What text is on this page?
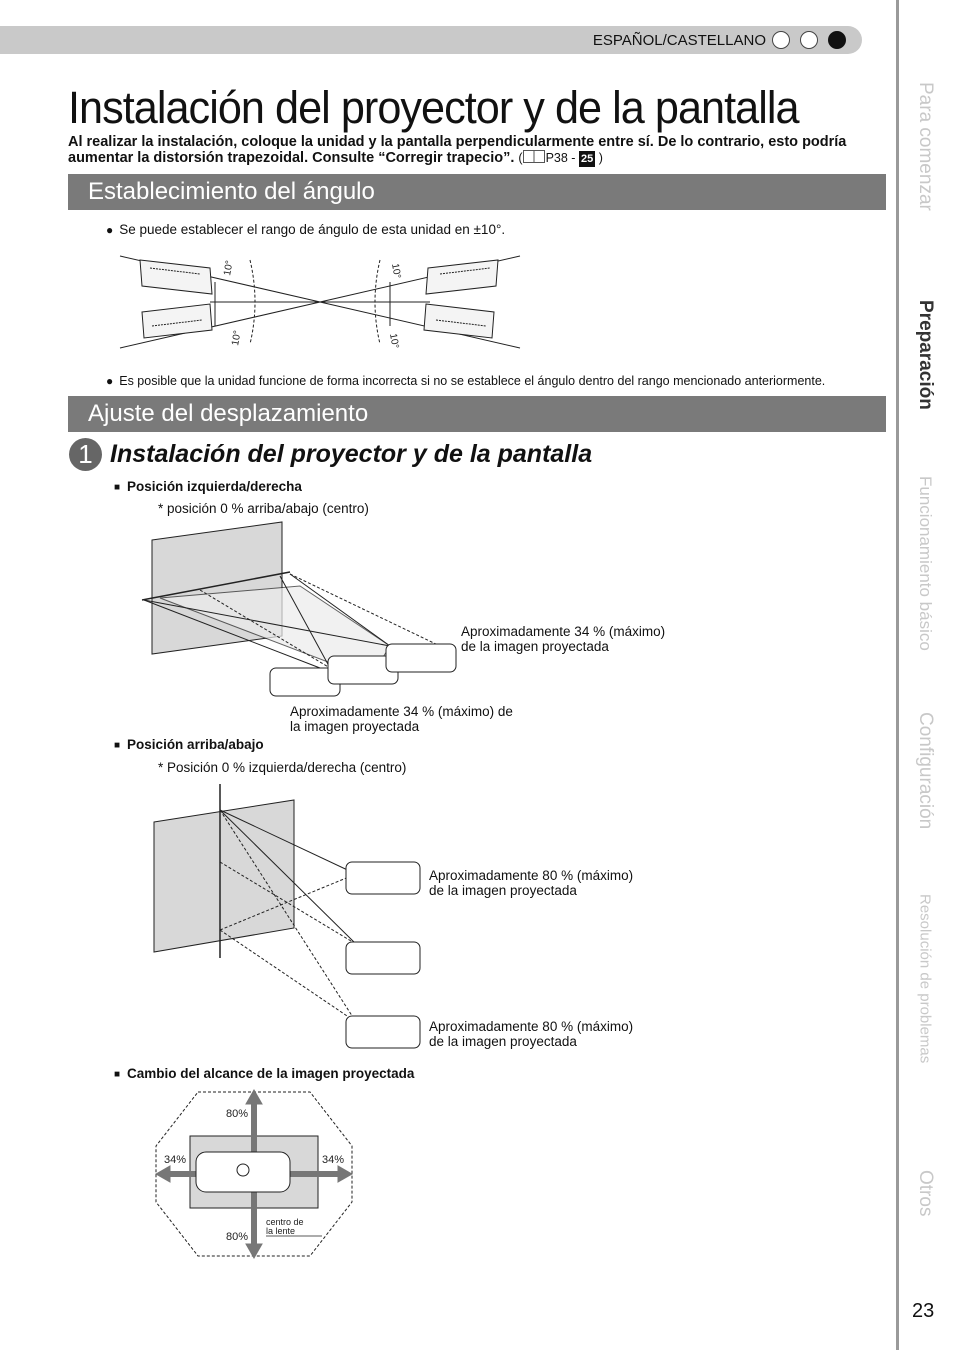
ESPAÑOL/CASTELLANO
Instalación del proyector y de la pantalla
Al realizar la instalación, coloque la unidad y la pantalla perpendicularmente entre sí. De lo contrario, esto podría aumentar la distorsión trapezoidal. Consulte “Corregir trapecio”. ( P38 - 25 )
Establecimiento del ángulo
● Se puede establecer el rango de ángulo de esta unidad en ±10°.
10°
10°
10°
10°
● Es posible que la unidad funcione de forma incorrecta si no se establece el ángulo dentro del rango mencionado anteriormente.
Ajuste del desplazamiento
1 Instalación del proyector y de la pantalla
■ Posición izquierda/derecha
* posición 0 % arriba/abajo (centro)
Aproximadamente 34 % (máximo)
de la imagen proyectada
Aproximadamente 34 % (máximo) de
la imagen proyectada
■ Posición arriba/abajo
* Posición 0 % izquierda/derecha (centro)
Aproximadamente 80 % (máximo)
de la imagen proyectada
Aproximadamente 80 % (máximo)
de la imagen proyectada
■ Cambio del alcance de la imagen proyectada
80%
80%
34%	34%
centro de
la lente
Para comenzar
Preparación
Funcionamiento básico
Configuración
Resolución de problemas
Otros
23
